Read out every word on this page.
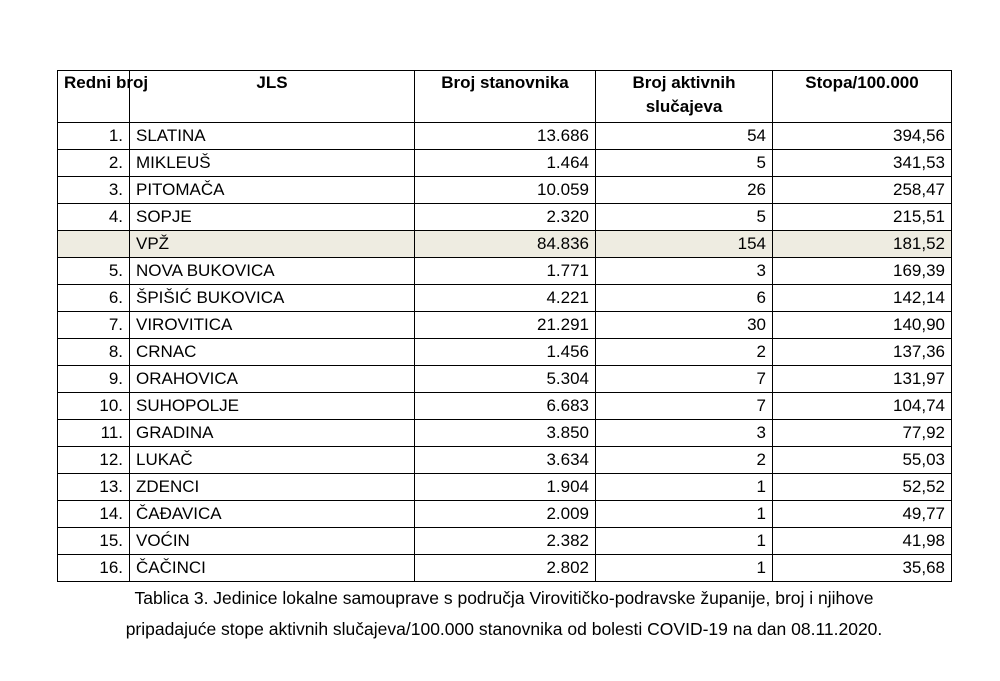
Redni broj	JLS	Broj stanovnika	Broj aktivnih slučajeva	Stopa/100.000
1.	SLATINA	13.686	54	394,56
2.	MIKLEUŠ	1.464	5	341,53
3.	PITOMAČA	10.059	26	258,47
4.	SOPJE	2.320	5	215,51
	VPŽ	84.836	154	181,52
5.	NOVA BUKOVICA	1.771	3	169,39
6.	ŠPIŠIĆ BUKOVICA	4.221	6	142,14
7.	VIROVITICA	21.291	30	140,90
8.	CRNAC	1.456	2	137,36
9.	ORAHOVICA	5.304	7	131,97
10.	SUHOPOLJE	6.683	7	104,74
11.	GRADINA	3.850	3	77,92
12.	LUKAČ	3.634	2	55,03
13.	ZDENCI	1.904	1	52,52
14.	ČAĐAVICA	2.009	1	49,77
15.	VOĆIN	2.382	1	41,98
16.	ČAČINCI	2.802	1	35,68
Tablica 3. Jedinice lokalne samouprave s područja Virovitičko-podravske županije, broj i njihove
pripadajuće stope aktivnih slučajeva/100.000 stanovnika od bolesti COVID-19 na dan 08.11.2020.
